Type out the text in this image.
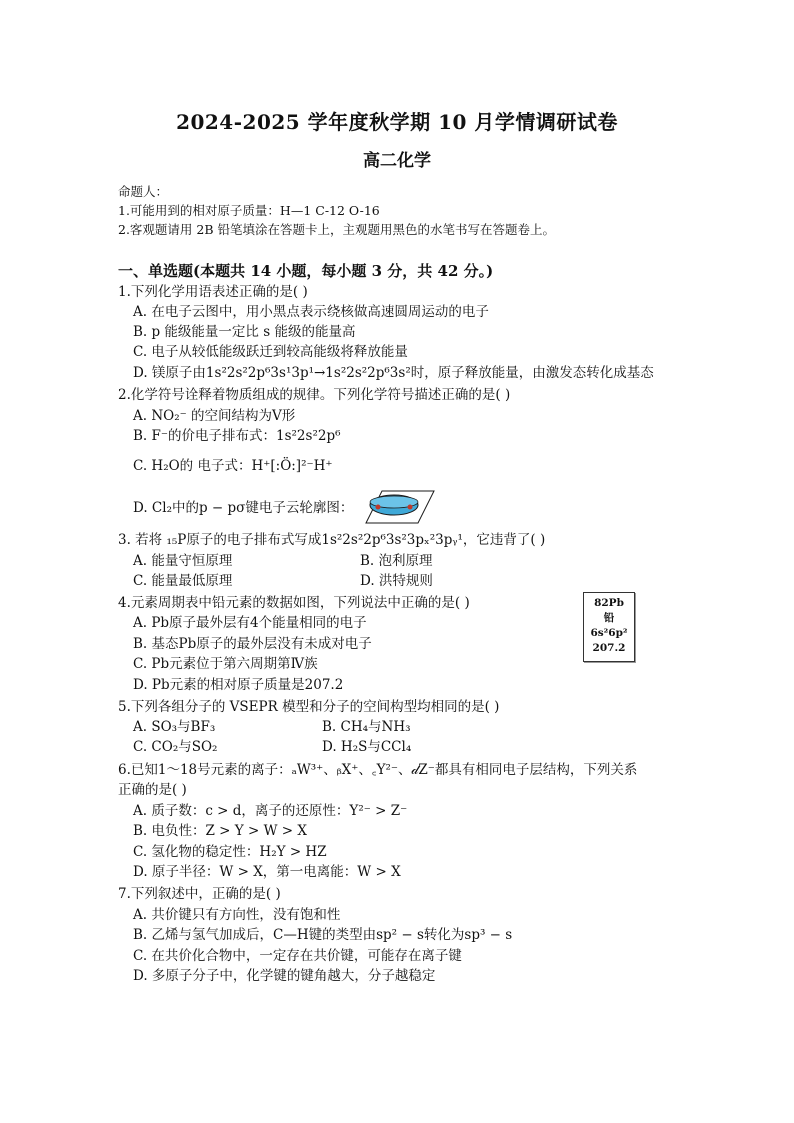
2024-2025 学年度秋学期 10 月学情调研试卷
高二化学
命题人：
1.可能用到的相对原子质量：H—1 C-12 O-16
2.客观题请用 2B 铅笔填涂在答题卡上，主观题用黑色的水笔书写在答题卷上。
一、单选题(本题共 14 小题，每小题 3 分，共 42 分。)
1.下列化学用语表述正确的是( )
A. 在电子云图中，用小黑点表示绕核做高速圆周运动的电子
B. p 能级能量一定比 s 能级的能量高
C. 电子从较低能级跃迁到较高能级将释放能量
D. 镁原子由1s²2s²2p⁶3s¹3p¹→1s²2s²2p⁶3s²时，原子释放能量，由激发态转化成基态
2.化学符号诠释着物质组成的规律。下列化学符号描述正确的是( )
A. NO₂⁻ 的空间结构为V形
B. F⁻的价电子排布式：1s²2s²2p⁶
C. H₂O的 电子式：H⁺[:Ö:]²⁻H⁺
D. Cl₂中的p − pσ键电子云轮廓图：
3. 若将 ₁₅P原子的电子排布式写成1s²2s²2p⁶3s²3pₓ²3pᵧ¹，它违背了( )
A. 能量守恒原理	B. 泡利原理
C. 能量最低原理	D. 洪特规则
4.元素周期表中铅元素的数据如图，下列说法中正确的是( )
A. Pb原子最外层有4个能量相同的电子
B. 基态Pb原子的最外层没有未成对电子
C. Pb元素位于第六周期第Ⅳ族
D. Pb元素的相对原子质量是207.2
82Pb
铅
6s²6p²
207.2
5.下列各组分子的 VSEPR 模型和分子的空间构型均相同的是( )
A. SO₃与BF₃	B. CH₄与NH₃
C. CO₂与SO₂	D. H₂S与CCl₄
6.已知1～18号元素的离子：ₐW³⁺、ᵦX⁺、꜀Y²⁻、𝒹Z⁻都具有相同电子层结构，下列关系
正确的是( )
A. 质子数：c > d，离子的还原性：Y²⁻ > Z⁻
B. 电负性：Z > Y > W > X
C. 氢化物的稳定性：H₂Y > HZ
D. 原子半径：W > X，第一电离能：W > X
7.下列叙述中，正确的是( )
A. 共价键只有方向性，没有饱和性
B. 乙烯与氢气加成后，C—H键的类型由sp² − s转化为sp³ − s
C. 在共价化合物中，一定存在共价键，可能存在离子键
D. 多原子分子中，化学键的键角越大，分子越稳定
